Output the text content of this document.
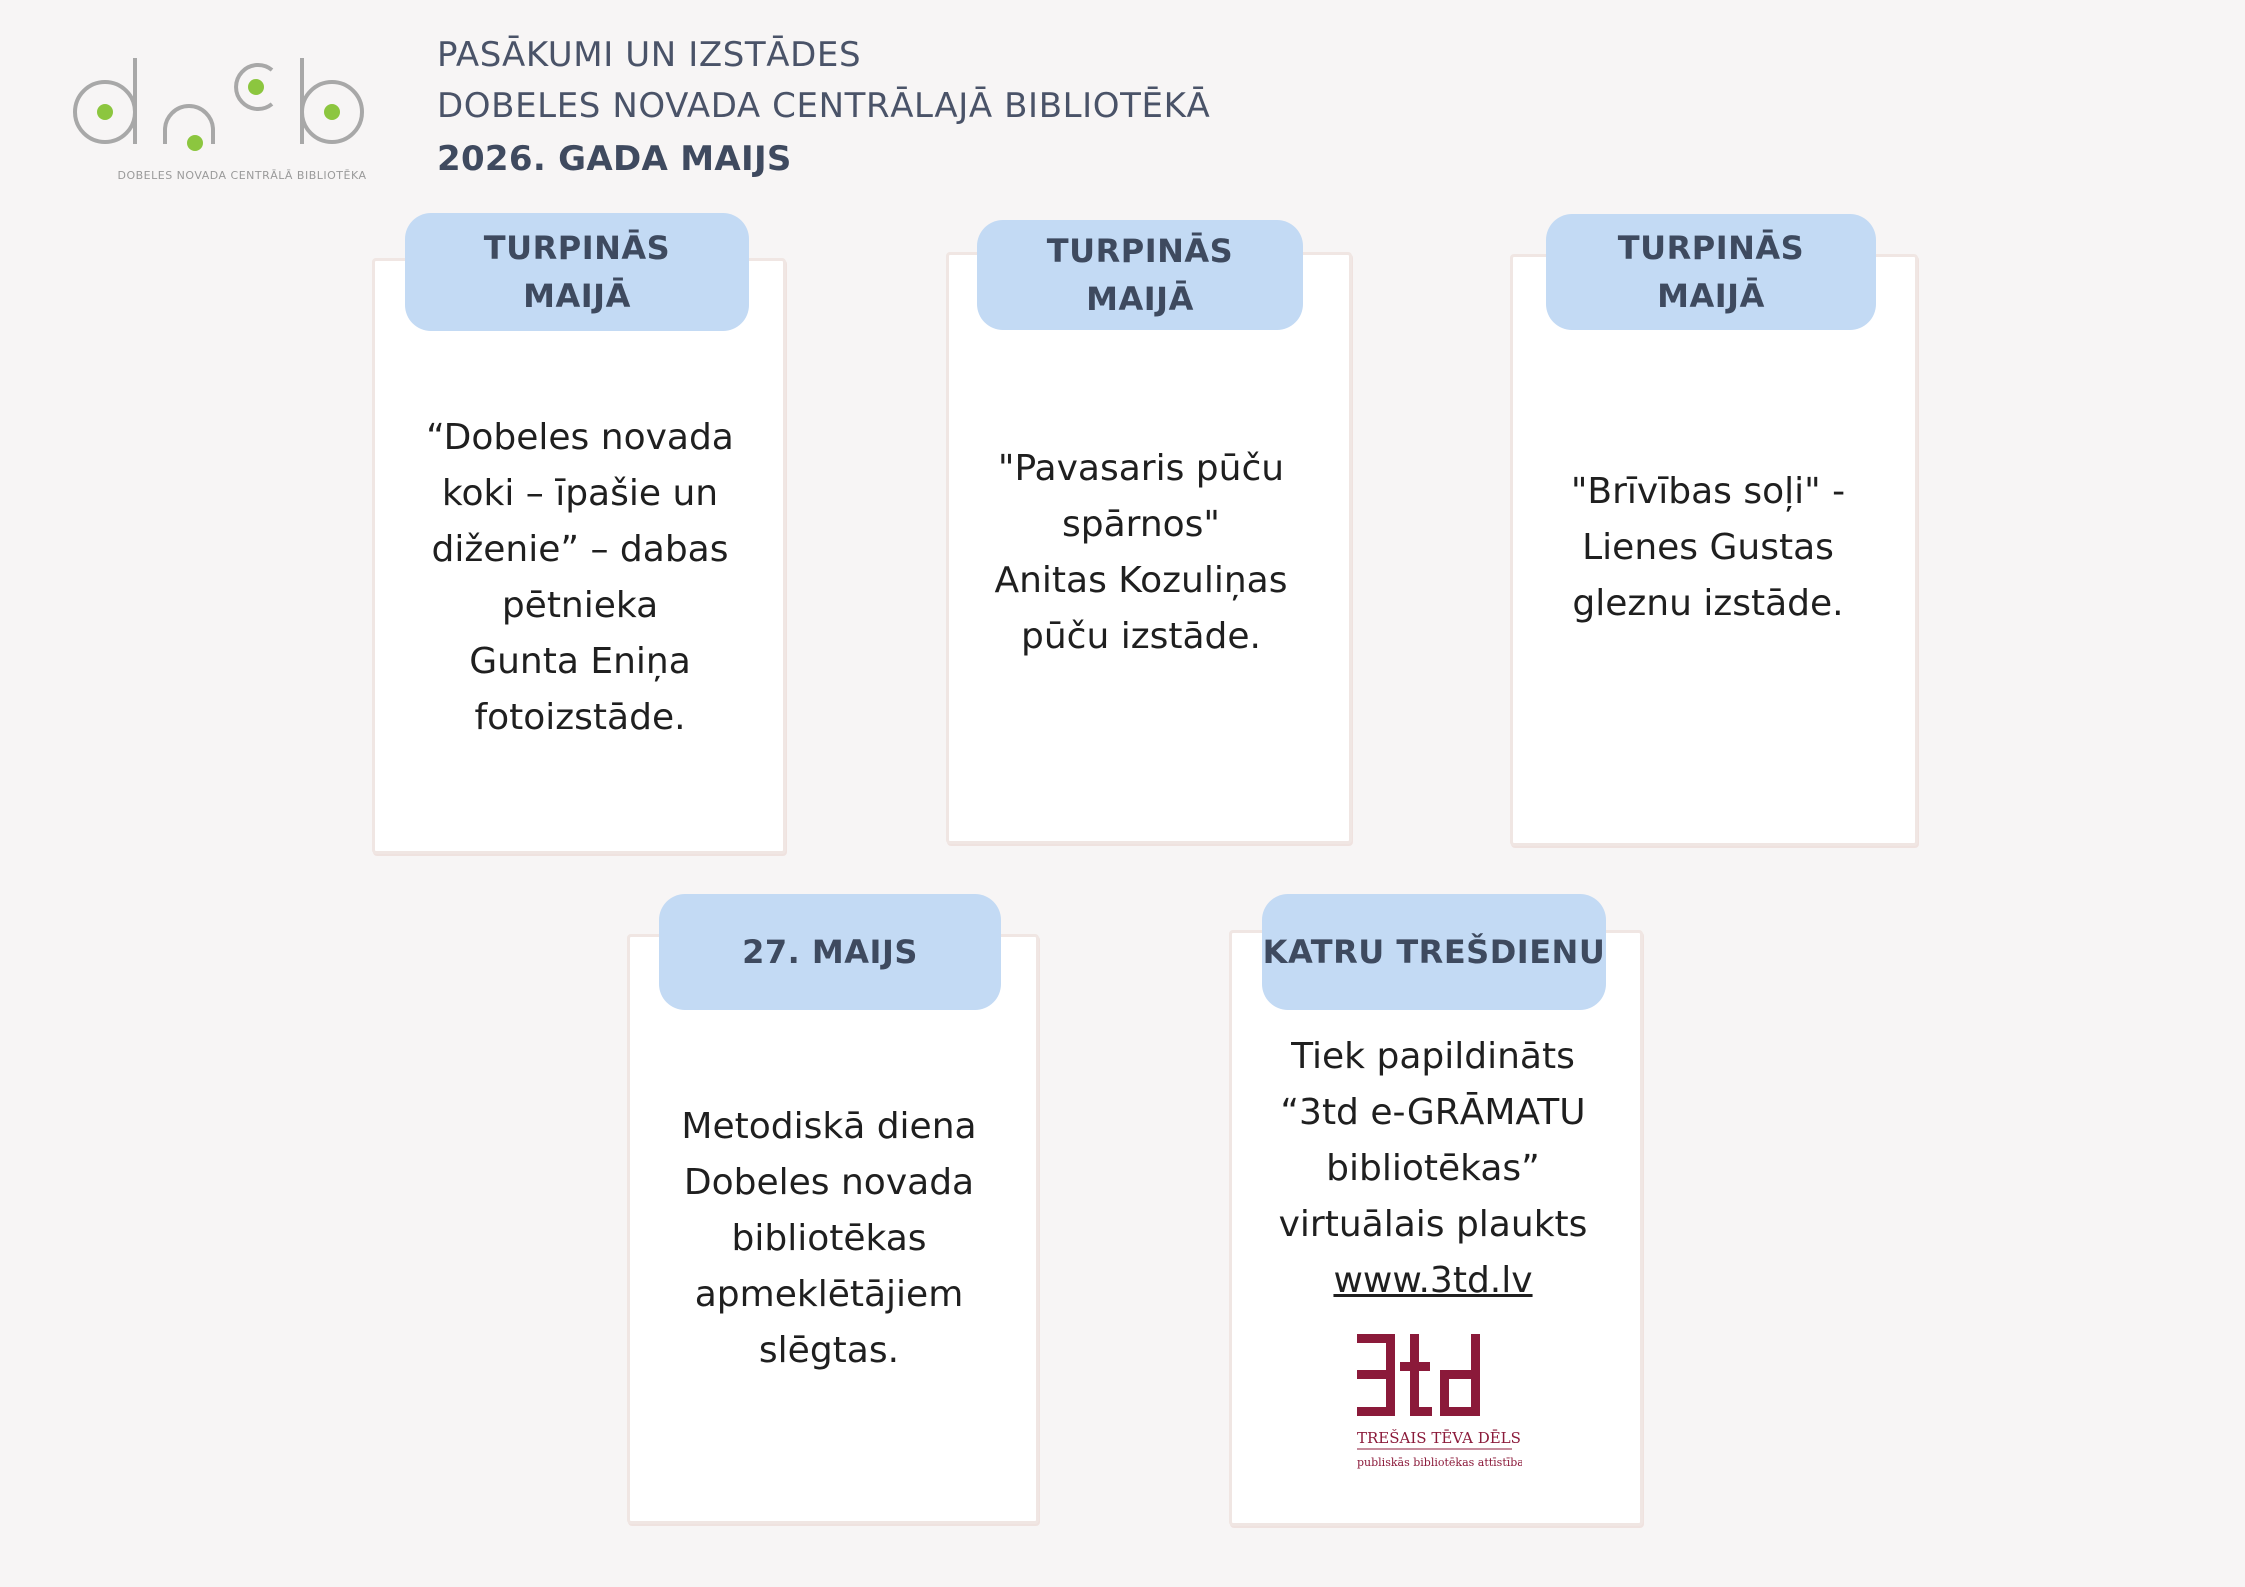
DOBELES NOVADA CENTRĀLĀ BIBLIOTĒKA
PASĀKUMI UN IZSTĀDES
DOBELES NOVADA CENTRĀLAJĀ BIBLIOTĒKĀ
2026. GADA MAIJS
TURPINĀS
MAIJĀ
“Dobeles novada
koki – īpašie un
diženie” – dabas
pētnieka
Gunta Eniņa
fotoizstāde.
TURPINĀS
MAIJĀ
"Pavasaris pūču
spārnos"
Anitas Kozuliņas
pūču izstāde.
TURPINĀS
MAIJĀ
"Brīvības soļi" -
Lienes Gustas
gleznu izstāde.
27. MAIJS
Metodiskā diena
Dobeles novada
bibliotēkas
apmeklētājiem
slēgtas.
KATRU TREŠDIENU
Tiek papildināts
“3td e-GRĀMATU
bibliotēkas”
virtuālais plaukts
www.3td.lv
TREŠAIS TĒVA DĒLS
publiskās bibliotēkas attīstībai
